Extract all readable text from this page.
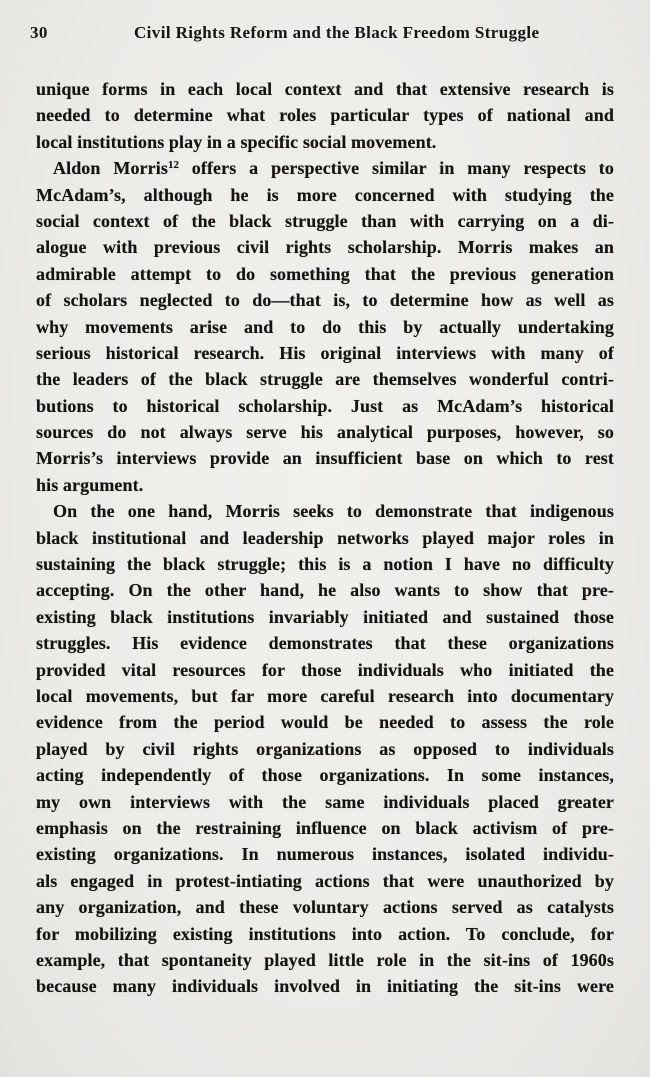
30	Civil Rights Reform and the Black Freedom Struggle
unique forms in each local context and that extensive research is
needed to determine what roles particular types of national and
local institutions play in a specific social movement.
Aldon Morris$^{12}$ offers a perspective similar in many respects to
McAdam’s, although he is more concerned with studying the
social context of the black struggle than with carrying on a di-
alogue with previous civil rights scholarship. Morris makes an
admirable attempt to do something that the previous generation
of scholars neglected to do—that is, to determine how as well as
why movements arise and to do this by actually undertaking
serious historical research. His original interviews with many of
the leaders of the black struggle are themselves wonderful contri-
butions to historical scholarship. Just as McAdam’s historical
sources do not always serve his analytical purposes, however, so
Morris’s interviews provide an insufficient base on which to rest
his argument.
On the one hand, Morris seeks to demonstrate that indigenous
black institutional and leadership networks played major roles in
sustaining the black struggle; this is a notion I have no difficulty
accepting. On the other hand, he also wants to show that pre-
existing black institutions invariably initiated and sustained those
struggles. His evidence demonstrates that these organizations
provided vital resources for those individuals who initiated the
local movements, but far more careful research into documentary
evidence from the period would be needed to assess the role
played by civil rights organizations as opposed to individuals
acting independently of those organizations. In some instances,
my own interviews with the same individuals placed greater
emphasis on the restraining influence on black activism of pre-
existing organizations. In numerous instances, isolated individu-
als engaged in protest-intiating actions that were unauthorized by
any organization, and these voluntary actions served as catalysts
for mobilizing existing institutions into action. To conclude, for
example, that spontaneity played little role in the sit-ins of 1960s
because many individuals involved in initiating the sit-ins were
